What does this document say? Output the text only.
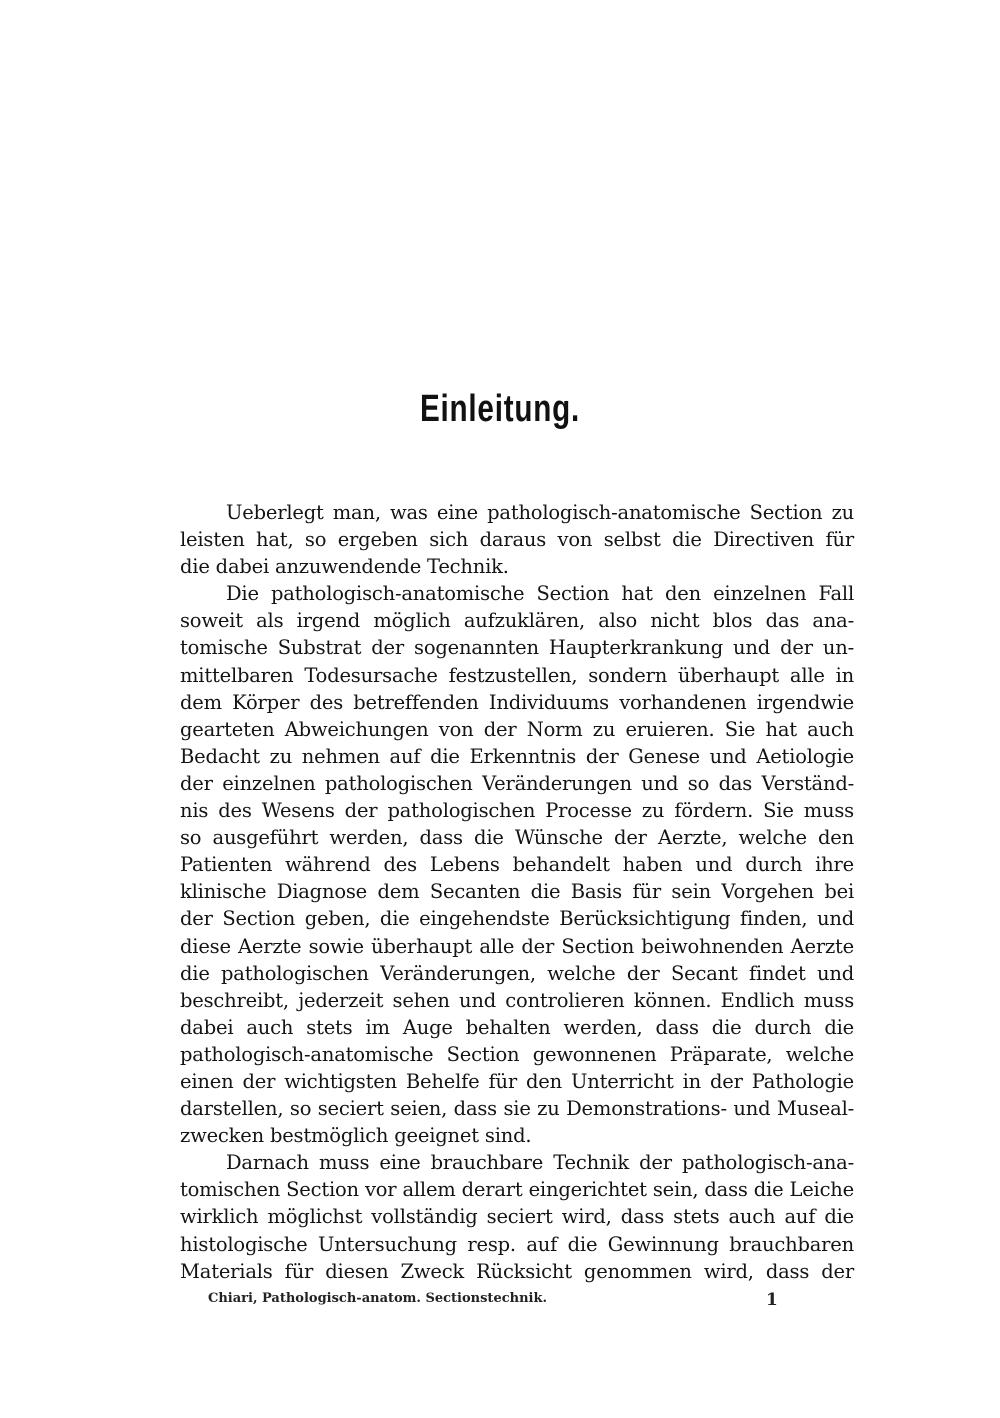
Einleitung.
Ueberlegt man, was eine pathologisch-anatomische Section zu
leisten hat, so ergeben sich daraus von selbst die Directiven für
die dabei anzuwendende Technik.
Die pathologisch-anatomische Section hat den einzelnen Fall
soweit als irgend möglich aufzuklären, also nicht blos das ana-
tomische Substrat der sogenannten Haupterkrankung und der un-
mittelbaren Todesursache festzustellen, sondern überhaupt alle in
dem Körper des betreffenden Individuums vorhandenen irgendwie
gearteten Abweichungen von der Norm zu eruieren. Sie hat auch
Bedacht zu nehmen auf die Erkenntnis der Genese und Aetiologie
der einzelnen pathologischen Veränderungen und so das Verständ-
nis des Wesens der pathologischen Processe zu fördern. Sie muss
so ausgeführt werden, dass die Wünsche der Aerzte, welche den
Patienten während des Lebens behandelt haben und durch ihre
klinische Diagnose dem Secanten die Basis für sein Vorgehen bei
der Section geben, die eingehendste Berücksichtigung finden, und
diese Aerzte sowie überhaupt alle der Section beiwohnenden Aerzte
die pathologischen Veränderungen, welche der Secant findet und
beschreibt, jederzeit sehen und controlieren können. Endlich muss
dabei auch stets im Auge behalten werden, dass die durch die
pathologisch-anatomische Section gewonnenen Präparate, welche
einen der wichtigsten Behelfe für den Unterricht in der Pathologie
darstellen, so seciert seien, dass sie zu Demonstrations- und Museal-
zwecken bestmöglich geeignet sind.
Darnach muss eine brauchbare Technik der pathologisch-ana-
tomischen Section vor allem derart eingerichtet sein, dass die Leiche
wirklich möglichst vollständig seciert wird, dass stets auch auf die
histologische Untersuchung resp. auf die Gewinnung brauchbaren
Materials für diesen Zweck Rücksicht genommen wird, dass der
Chiari, Pathologisch-anatom. Sectionstechnik.	1
